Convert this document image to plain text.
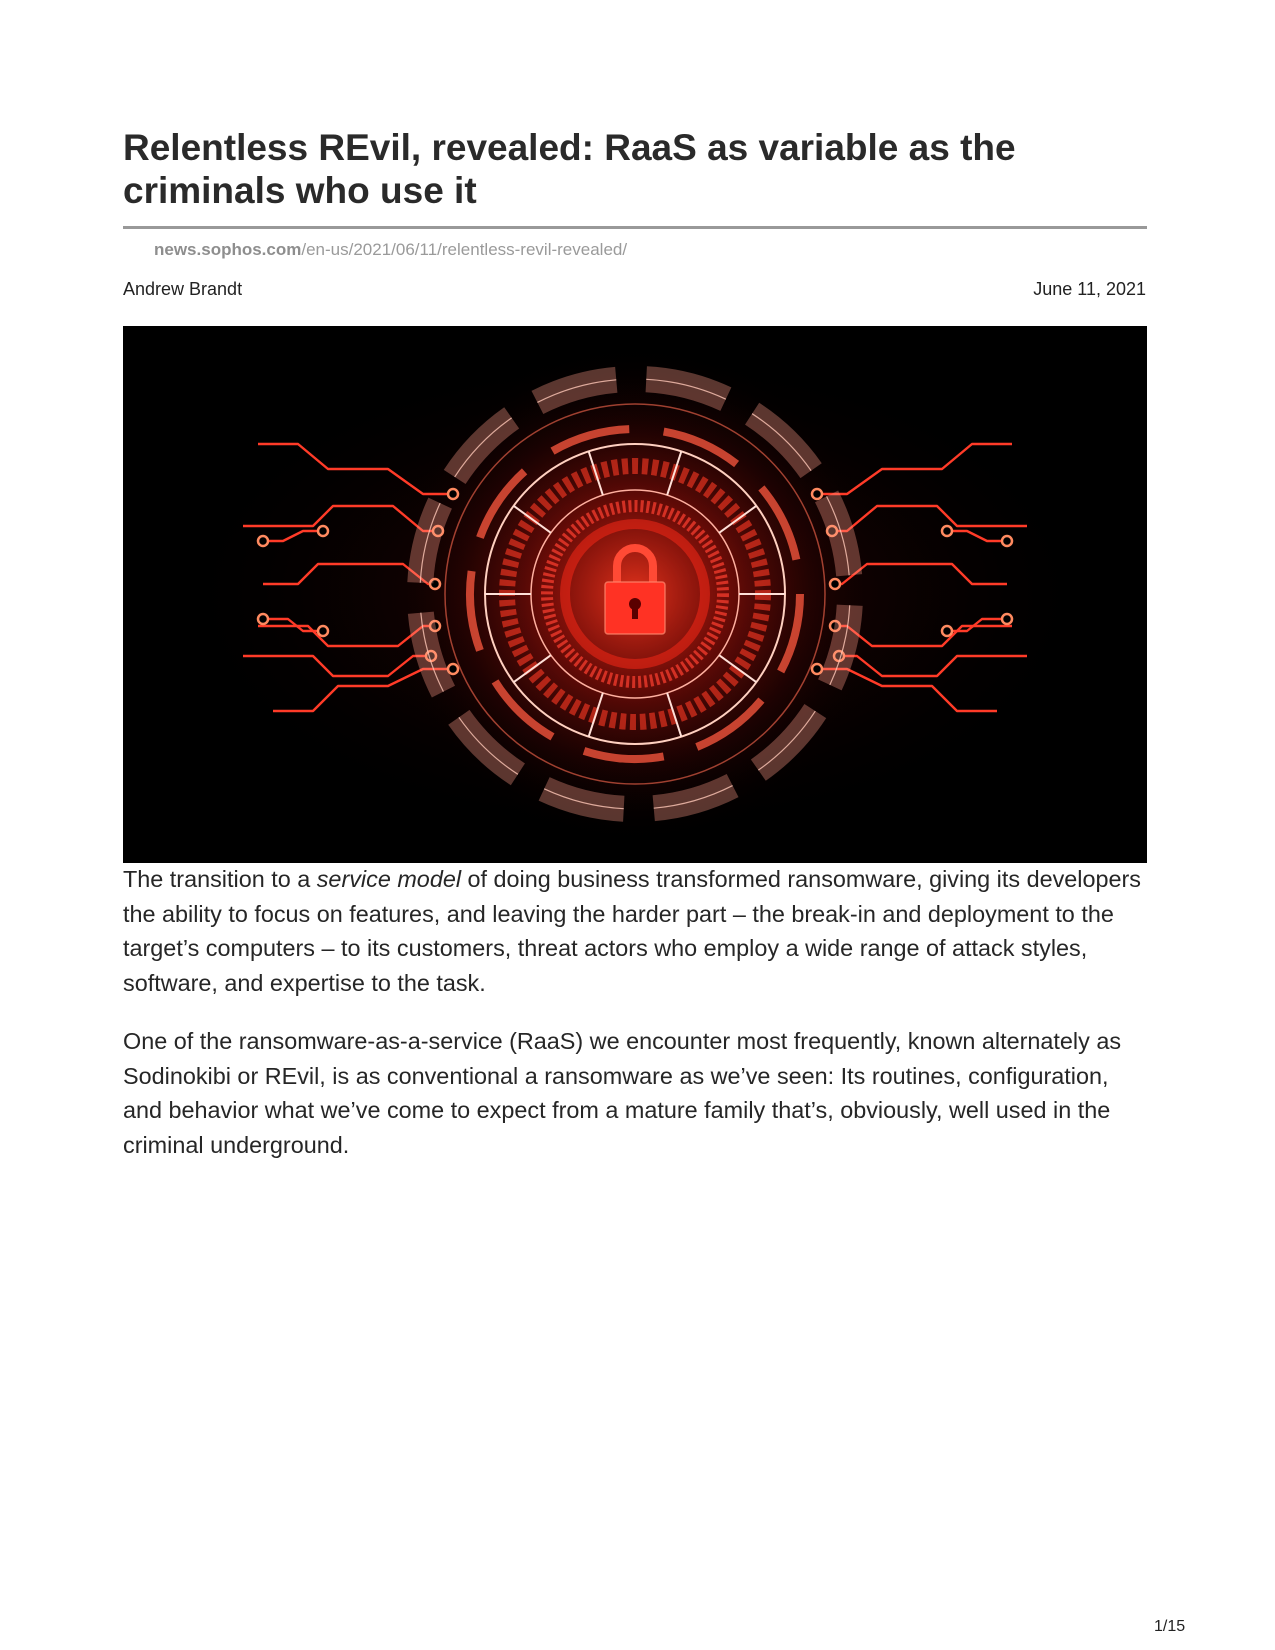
Relentless REvil, revealed: RaaS as variable as the criminals who use it
news.sophos.com/en-us/2021/06/11/relentless-revil-revealed/
Andrew Brandt	June 11, 2021

The transition to a service model of doing business transformed ransomware, giving its developers the ability to focus on features, and leaving the harder part – the break-in and deployment to the target’s computers – to its customers, threat actors who employ a wide range of attack styles, software, and expertise to the task.

One of the ransomware-as-a-service (RaaS) we encounter most frequently, known alternately as Sodinokibi or REvil, is as conventional a ransomware as we’ve seen: Its routines, configuration, and behavior what we’ve come to expect from a mature family that’s, obviously, well used in the criminal underground.

1/15
